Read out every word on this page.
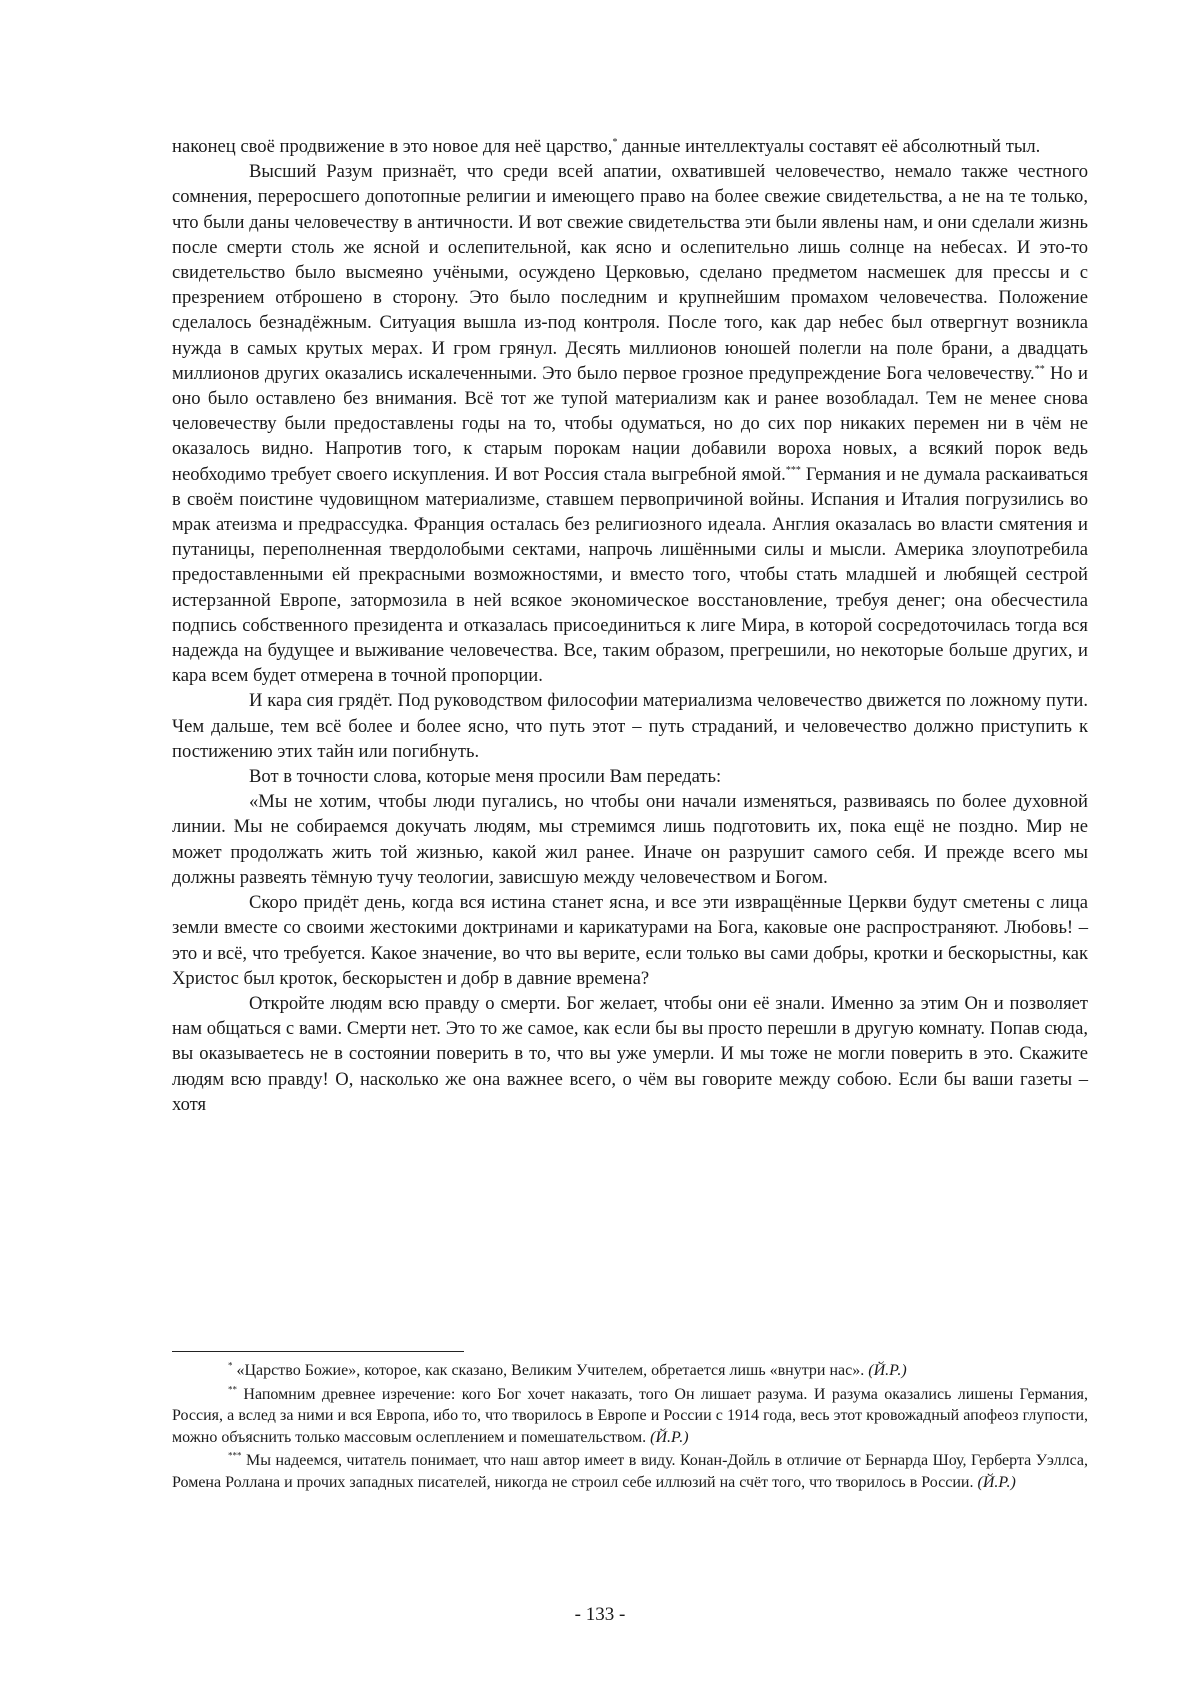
наконец своё продвижение в это новое для неё царство,* данные интеллектуалы составят её абсолютный тыл.

Высший Разум признаёт, что среди всей апатии, охватившей человечество, немало также честного сомнения, переросшего допотопные религии и имеющего право на более свежие свидетельства, а не на те только, что были даны человечеству в античности. И вот свежие свидетельства эти были явлены нам, и они сделали жизнь после смерти столь же ясной и ослепительной, как ясно и ослепительно лишь солнце на небесах. И это-то свидетельство было высмеяно учёными, осуждено Церковью, сделано предметом насмешек для прессы и с презрением отброшено в сторону. Это было последним и крупнейшим промахом человечества. Положение сделалось безнадёжным. Ситуация вышла из-под контроля. После того, как дар небес был отвергнут возникла нужда в самых крутых мерах. И гром грянул. Десять миллионов юношей полегли на поле брани, а двадцать миллионов других оказались искалеченными. Это было первое грозное предупреждение Бога человечеству.** Но и оно было оставлено без внимания. Всё тот же тупой материализм как и ранее возобладал. Тем не менее снова человечеству были предоставлены годы на то, чтобы одуматься, но до сих пор никаких перемен ни в чём не оказалось видно. Напротив того, к старым порокам нации добавили вороха новых, а всякий порок ведь необходимо требует своего искупления. И вот Россия стала выгребной ямой.*** Германия и не думала раскаиваться в своём поистине чудовищном материализме, ставшем первопричиной войны. Испания и Италия погрузились во мрак атеизма и предрассудка. Франция осталась без религиозного идеала. Англия оказалась во власти смятения и путаницы, переполненная твердолобыми сектами, напрочь лишёнными силы и мысли. Америка злоупотребила предоставленными ей прекрасными возможностями, и вместо того, чтобы стать младшей и любящей сестрой истерзанной Европе, затормозила в ней всякое экономическое восстановление, требуя денег; она обесчестила подпись собственного президента и отказалась присоединиться к лиге Мира, в которой сосредоточилась тогда вся надежда на будущее и выживание человечества. Все, таким образом, прегрешили, но некоторые больше других, и кара всем будет отмерена в точной пропорции.

И кара сия грядёт. Под руководством философии материализма человечество движется по ложному пути. Чем дальше, тем всё более и более ясно, что путь этот – путь страданий, и человечество должно приступить к постижению этих тайн или погибнуть.

Вот в точности слова, которые меня просили Вам передать:

«Мы не хотим, чтобы люди пугались, но чтобы они начали изменяться, развиваясь по более духовной линии. Мы не собираемся докучать людям, мы стремимся лишь подготовить их, пока ещё не поздно. Мир не может продолжать жить той жизнью, какой жил ранее. Иначе он разрушит самого себя. И прежде всего мы должны развеять тёмную тучу теологии, зависшую между человечеством и Богом.

Скоро придёт день, когда вся истина станет ясна, и все эти извращённые Церкви будут сметены с лица земли вместе со своими жестокими доктринами и карикатурами на Бога, каковые оне распространяют. Любовь! – это и всё, что требуется. Какое значение, во что вы верите, если только вы сами добры, кротки и бескорыстны, как Христос был кроток, бескорыстен и добр в давние времена?

Откройте людям всю правду о смерти. Бог желает, чтобы они её знали. Именно за этим Он и позволяет нам общаться с вами. Смерти нет. Это то же самое, как если бы вы просто перешли в другую комнату. Попав сюда, вы оказываетесь не в состоянии поверить в то, что вы уже умерли. И мы тоже не могли поверить в это. Скажите людям всю правду! О, насколько же она важнее всего, о чём вы говорите между собою. Если бы ваши газеты – хотя

* «Царство Божие», которое, как сказано, Великим Учителем, обретается лишь «внутри нас». (Й.Р.)

** Напомним древнее изречение: кого Бог хочет наказать, того Он лишает разума. И разума оказались лишены Германия, Россия, а вслед за ними и вся Европа, ибо то, что творилось в Европе и России с 1914 года, весь этот кровожадный апофеоз глупости, можно объяснить только массовым ослеплением и помешательством. (Й.Р.)

*** Мы надеемся, читатель понимает, что наш автор имеет в виду. Конан-Дойль в отличие от Бернарда Шоу, Герберта Уэллса, Ромена Роллана и прочих западных писателей, никогда не строил себе иллюзий на счёт того, что творилось в России. (Й.Р.)

- 133 -
